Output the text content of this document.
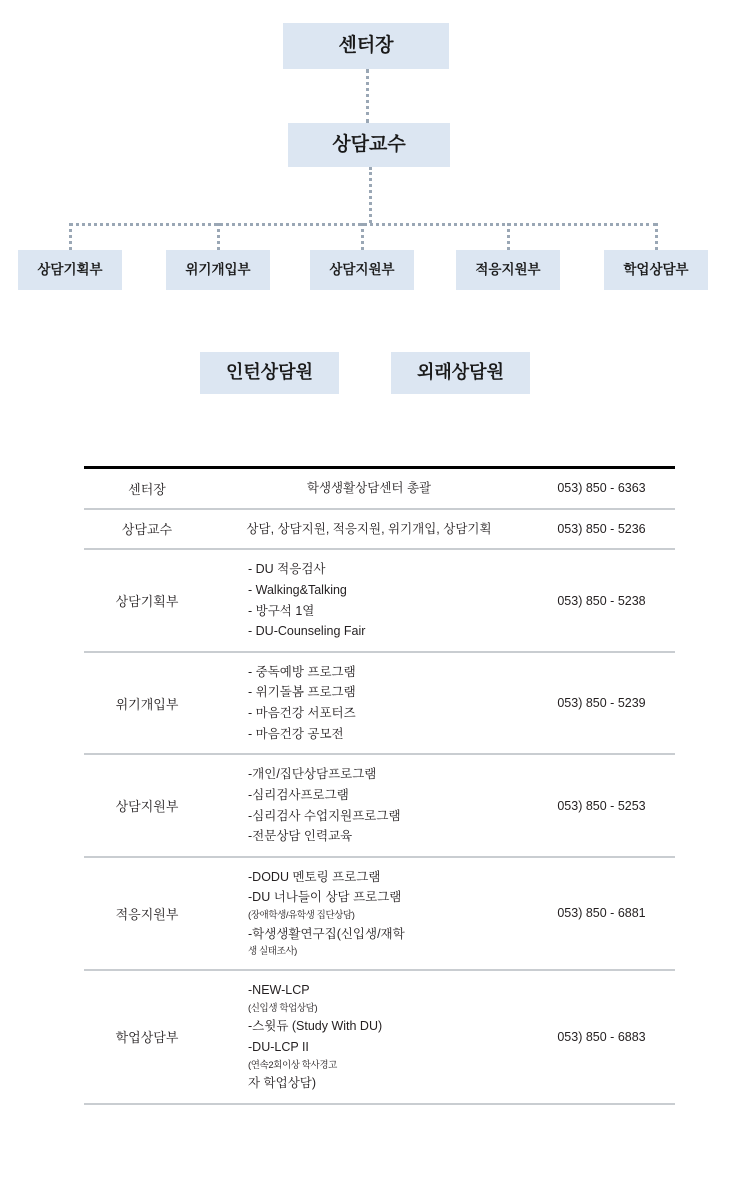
센터장
상담교수
상담기획부	위기개입부	상담지원부	적응지원부	학업상담부
인턴상담원	외래상담원
센터장	학생생활상담센터 총괄	053) 850 - 6363
상담교수	상담, 상담지원, 적응지원, 위기개입, 상담기획	053) 850 - 5236
상담기획부	- DU 적응검사
- Walking&Talking
- 방구석 1열
- DU-Counseling Fair	053) 850 - 5238
위기개입부	- 중독예방 프로그램
- 위기돌봄 프로그램
- 마음건강 서포터즈
- 마음건강 공모전	053) 850 - 5239
상담지원부	-개인/집단상담프로그램
-심리검사프로그램
-심리검사 수업지원프로그램
-전문상담 인력교육	053) 850 - 5253
적응지원부	-DODU 멘토링 프로그램
-DU 너나들이 상담 프로그램
(장애학생/유학생 집단상담)
-학생생활연구집(신입생/재학
생 실태조사)	053) 850 - 6881
학업상담부	
-NEW-LCP
(신입생 학업상담)
-스윗듀 (Study With DU)
-DU-LCP II
(연속2회이상 학사경고
자 학업상담)
	053) 850 - 6883
